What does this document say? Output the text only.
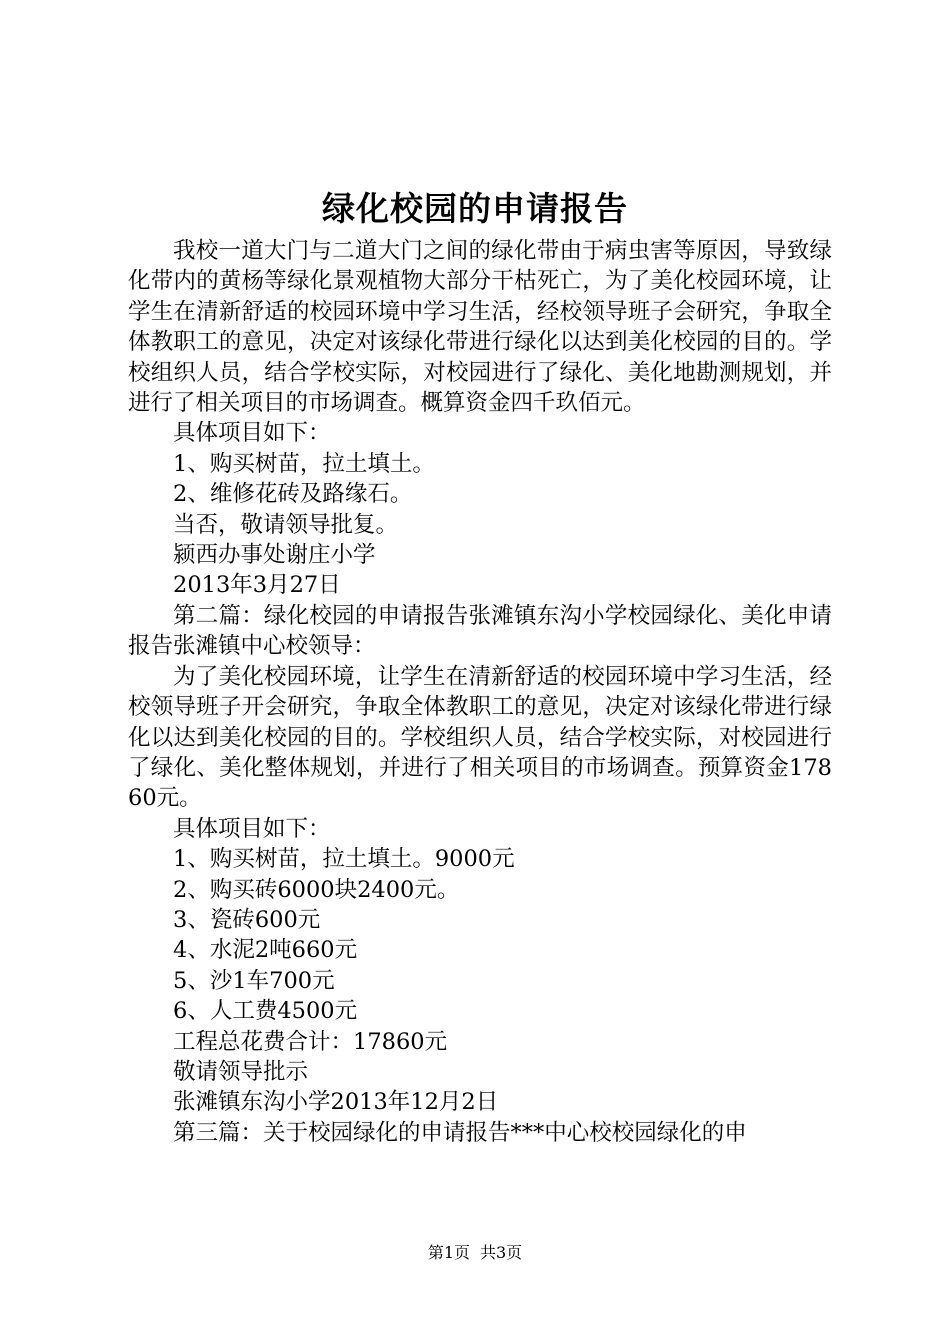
绿化校园的申请报告

我校一道大门与二道大门之间的绿化带由于病虫害等原因，导致绿化带内的黄杨等绿化景观植物大部分干枯死亡，为了美化校园环境，让学生在清新舒适的校园环境中学习生活，经校领导班子会研究，争取全体教职工的意见，决定对该绿化带进行绿化以达到美化校园的目的。学校组织人员，结合学校实际，对校园进行了绿化、美化地勘测规划，并进行了相关项目的市场调查。概算资金四千玖佰元。

具体项目如下：

1、购买树苗，拉土填土。

2、维修花砖及路缘石。

当否，敬请领导批复。

颍西办事处谢庄小学

2013年3月27日

第二篇：绿化校园的申请报告张滩镇东沟小学校园绿化、美化申请报告张滩镇中心校领导：

为了美化校园环境，让学生在清新舒适的校园环境中学习生活，经校领导班子开会研究，争取全体教职工的意见，决定对该绿化带进行绿化以达到美化校园的目的。学校组织人员，结合学校实际，对校园进行了绿化、美化整体规划，并进行了相关项目的市场调查。预算资金17860元。

具体项目如下：

1、购买树苗，拉土填土。9000元

2、购买砖6000块2400元。

3、瓷砖600元

4、水泥2吨660元

5、沙1车700元

6、人工费4500元

工程总花费合计：17860元

敬请领导批示

张滩镇东沟小学2013年12月2日

第三篇：关于校园绿化的申请报告***中心校校园绿化的申

第1页 共3页
